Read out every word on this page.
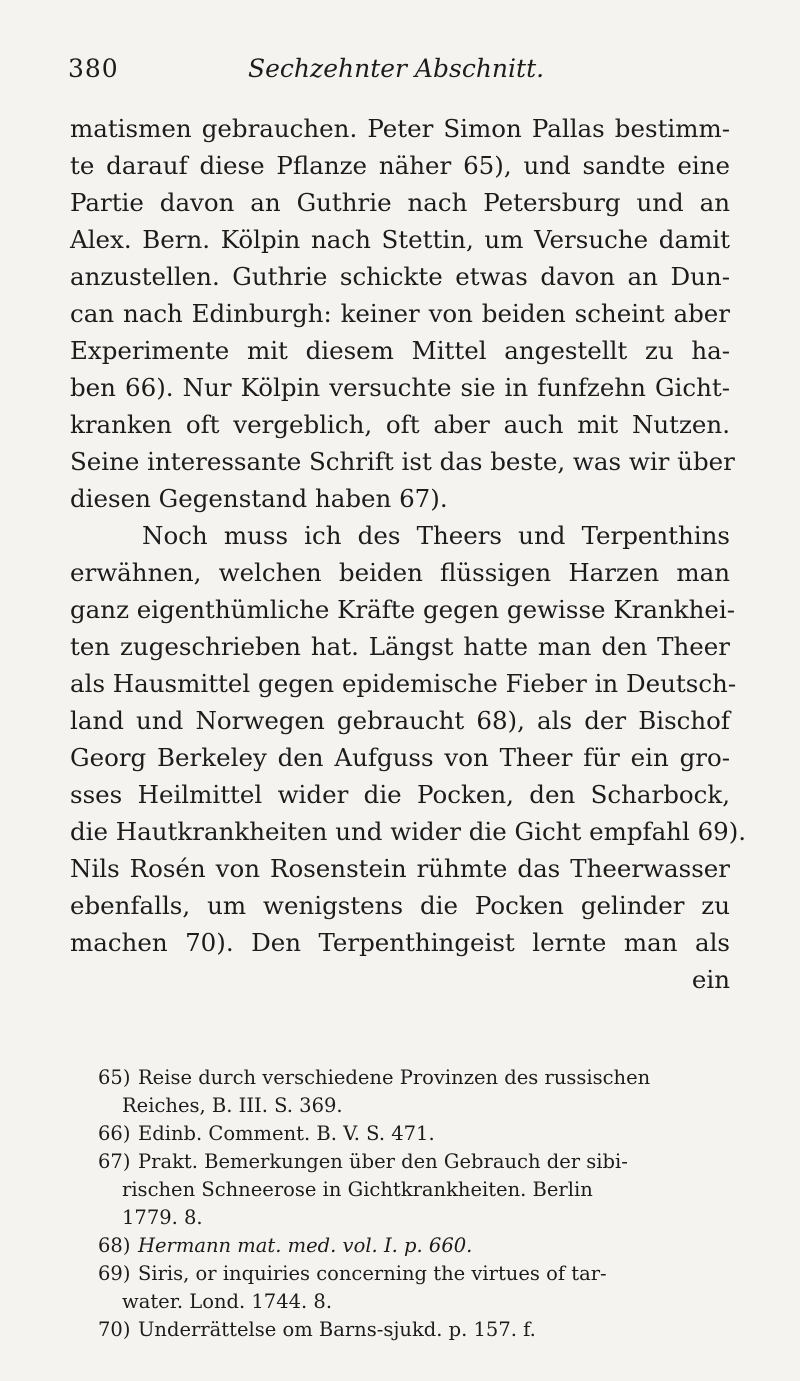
380	Sechzehnter Abschnitt.
matismen gebrauchen. Peter Simon Pallas bestimm-
te darauf diese Pflanze näher 65), und sandte eine
Partie davon an Guthrie nach Petersburg und an
Alex. Bern. Kölpin nach Stettin, um Versuche damit
anzustellen. Guthrie schickte etwas davon an Dun-
can nach Edinburgh: keiner von beiden scheint aber
Experimente mit diesem Mittel angestellt zu ha-
ben 66). Nur Kölpin versuchte sie in funfzehn Gicht-
kranken oft vergeblich, oft aber auch mit Nutzen.
Seine interessante Schrift ist das beste, was wir über
diesen Gegenstand haben 67).
Noch muss ich des Theers und Terpenthins
erwähnen, welchen beiden flüssigen Harzen man
ganz eigenthümliche Kräfte gegen gewisse Krankhei-
ten zugeschrieben hat. Längst hatte man den Theer
als Hausmittel gegen epidemische Fieber in Deutsch-
land und Norwegen gebraucht 68), als der Bischof
Georg Berkeley den Aufguss von Theer für ein gro-
sses Heilmittel wider die Pocken, den Scharbock,
die Hautkrankheiten und wider die Gicht empfahl 69).
Nils Rosén von Rosenstein rühmte das Theerwasser
ebenfalls, um wenigstens die Pocken gelinder zu
machen 70). Den Terpenthingeist lernte man als
ein
65) Reise durch verschiedene Provinzen des russischen
Reiches, B. III. S. 369.
66) Edinb. Comment. B. V. S. 471.
67) Prakt. Bemerkungen über den Gebrauch der sibi-
rischen Schneerose in Gichtkrankheiten. Berlin
1779. 8.
68) Hermann mat. med. vol. I. p. 660.
69) Siris, or inquiries concerning the virtues of tar-
water. Lond. 1744. 8.
70) Underrättelse om Barns-sjukd. p. 157. f.
